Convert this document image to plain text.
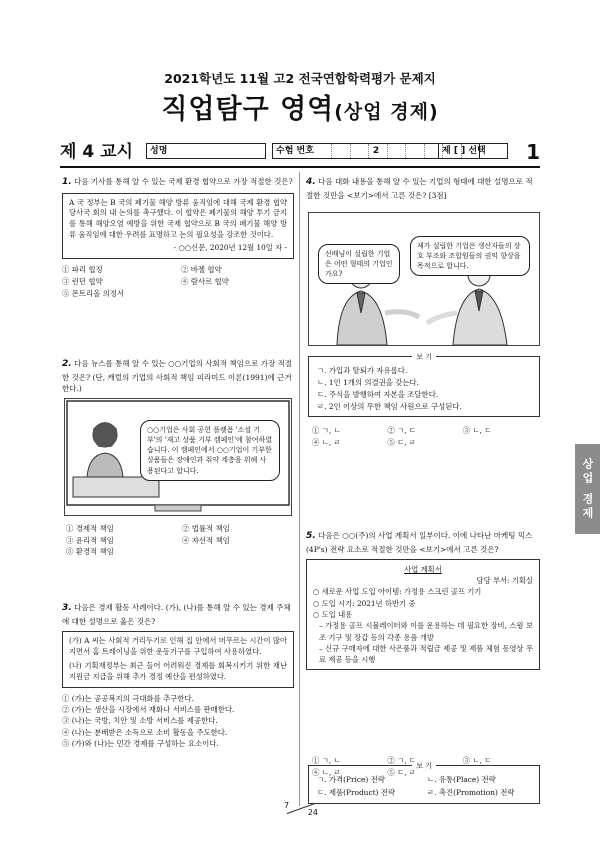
2021학년도 11월 고2 전국연합학력평가 문제지
직업탐구 영역(상업 경제)
제 4 교시 성명	수험 번호	2	제 [ ] 선택 1
1. 다음 기사를 통해 알 수 있는 국제 환경 협약으로 가장 적절한 것은?
A 국 정부는 B 국의 폐기물 해양 방류 움직임에 대해 국제 환경 협약 당사국 회의 내 논의를 촉구했다. 이 협약은 폐기물의 해양 투기 금지를 통해 해양오염 예방을 위한 국제 협약으로 B 국의 폐기물 해양 방류 움직임에 대한 우려를 표명하고 논의 필요성을 강조한 것이다.
- ○○신문, 2020년 12월 10일 자 -
① 파리 협정	② 바젤 협약
③ 런던 협약	④ 람사르 협약
⑤ 몬트리올 의정서
2. 다음 뉴스를 통해 알 수 있는 ○○기업의 사회적 책임으로 가장 적절한 것은? (단, 캐럴의 기업의 사회적 책임 피라미드 이론(1991)에 근거한다.)
○○기업은 사회 공헌 플랫폼 '소셜 기부'의 '재고 상품 기부 캠페인'에 참여하였습니다. 이 캠페인에서 ○○기업이 기부한 상품들은 장애인과 취약 계층을 위해 사용된다고 합니다.
① 경제적 책임	② 법률적 책임
③ 윤리적 책임	④ 자선적 책임
⑤ 환경적 책임
3. 다음은 경제 활동 사례이다. (가), (나)를 통해 알 수 있는 경제 주체에 대한 설명으로 옳은 것은?
(가) A 씨는 사회적 거리두기로 인해 집 안에서 머무르는 시간이 많아지면서 홈 트레이닝을 위한 운동기구를 구입하여 사용하였다.
(나) 기획재정부는 최근 들어 어려워진 경제를 회복시키기 위한 재난 지원금 지급을 위해 추가 경정 예산을 편성하였다.
① (가)는 공공복지의 극대화를 추구한다.
② (가)는 생산을 시장에서 재화나 서비스를 판매한다.
③ (나)는 국방, 치안 및 소방 서비스를 제공한다.
④ (나)는 분배받은 소득으로 소비 활동을 주도한다.
⑤ (가)와 (나)는 민간 경제를 구성하는 요소이다.
4. 다음 대화 내용을 통해 알 수 있는 기업의 형태에 대한 설명으로 적절한 것만을 <보기>에서 고른 것은? [3점]
선배님이 설립한 기업은 어떤 형태의 기업인가요?
제가 설립한 기업은 생산자들의 상호 부조와 조합원들의 권익 향상을 목적으로 합니다.
보 기
ㄱ. 가입과 탈퇴가 자유롭다.
ㄴ. 1인 1개의 의결권을 갖는다.
ㄷ. 주식을 발행하여 자본을 조달한다.
ㄹ. 2인 이상의 무한 책임 사원으로 구성된다.
① ㄱ, ㄴ	② ㄱ, ㄷ	③ ㄴ, ㄷ
④ ㄴ, ㄹ	⑤ ㄷ, ㄹ
5. 다음은 ○○(주)의 사업 계획서 일부이다. 이에 나타난 마케팅 믹스(4P's) 전략 요소로 적절한 것만을 <보기>에서 고른 것은?
사업 계획서
담당 부서: 기획실
○ 새로운 사업 도입 아이템: 가정용 스크린 골프 기기
○ 도입 시기: 2021년 하반기 중
○ 도입 내용
– 가정용 골프 시뮬레이터와 이를 운용하는 데 필요한 장비, 스윙 보조 기구 및 장갑 등의 각종 용품 개발
– 신규 구매자에 대한 사은품과 적립금 제공 및 제품 체험 동영상 무료 제공 등을 시행
보 기
ㄱ. 가격(Price) 전략	ㄴ. 유통(Place) 전략
ㄷ. 제품(Product) 전략	ㄹ. 촉진(Promotion) 전략
① ㄱ, ㄴ	② ㄱ, ㄷ	③ ㄴ, ㄷ
④ ㄴ, ㄹ	⑤ ㄷ, ㄹ
상업 경제
7
24
